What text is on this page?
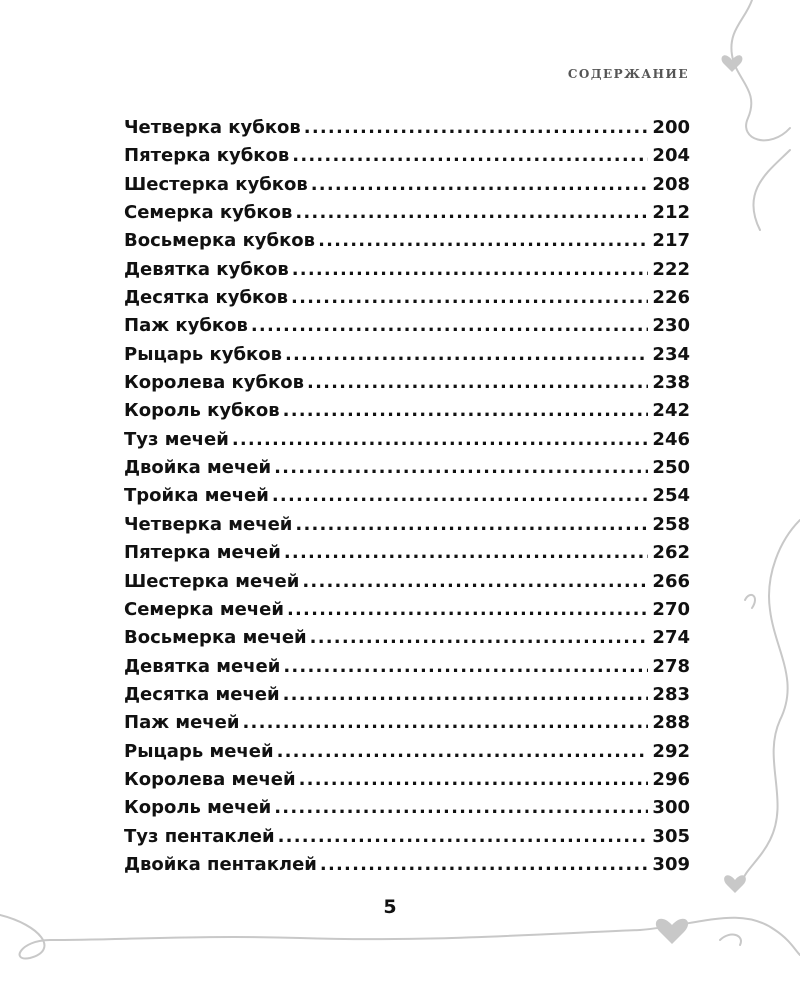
СОДЕРЖАНИЕ
Четверка кубков .....	200
Пятерка кубков .....	204
Шестерка кубков .....	208
Семерка кубков .....	212
Восьмерка кубков .....	217
Девятка кубков .....	222
Десятка кубков .....	226
Паж кубков .....	230
Рыцарь кубков .....	234
Королева кубков .....	238
Король кубков .....	242
Туз мечей .....	246
Двойка мечей .....	250
Тройка мечей .....	254
Четверка мечей .....	258
Пятерка мечей .....	262
Шестерка мечей .....	266
Семерка мечей .....	270
Восьмерка мечей .....	274
Девятка мечей .....	278
Десятка мечей .....	283
Паж мечей .....	288
Рыцарь мечей .....	292
Королева мечей .....	296
Король мечей .....	300
Туз пентаклей .....	305
Двойка пентаклей .....	309
5
